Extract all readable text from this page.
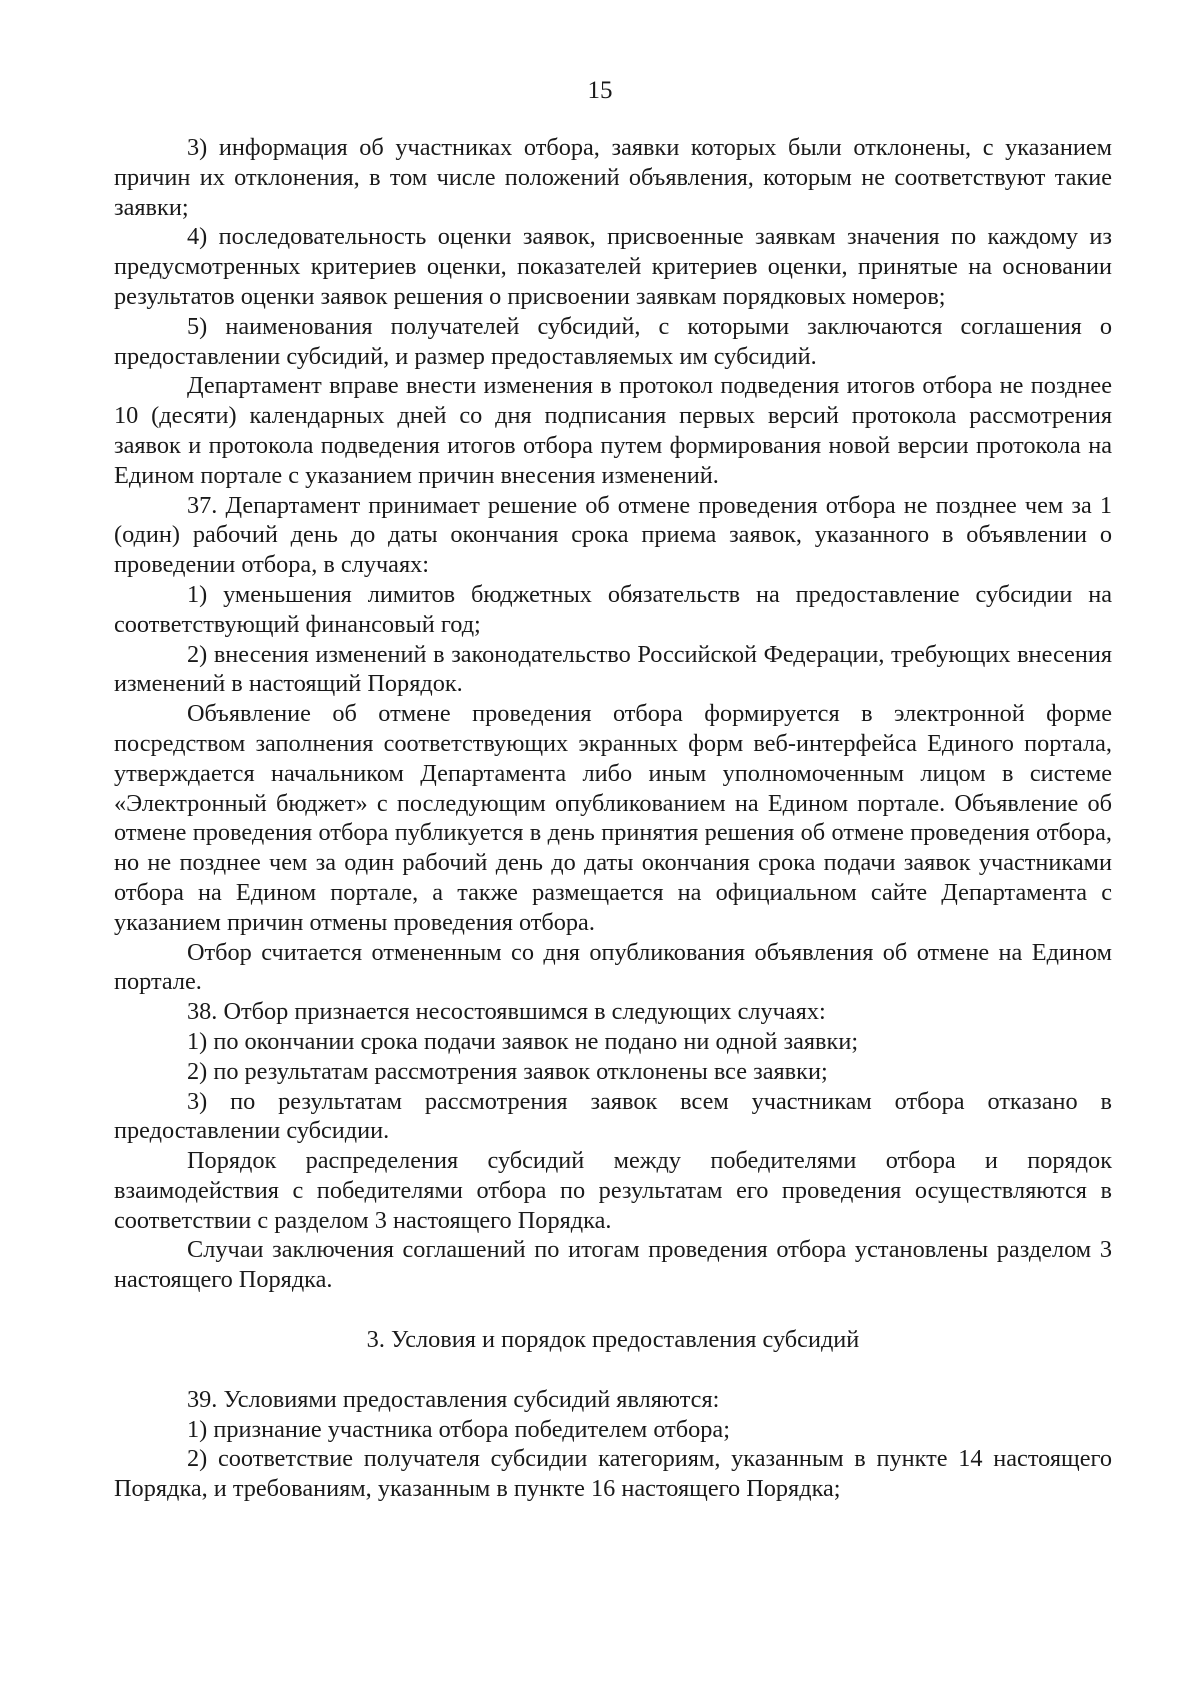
15

3) информация об участниках отбора, заявки которых были отклонены, с указанием причин их отклонения, в том числе положений объявления, которым не соответствуют такие заявки;

4) последовательность оценки заявок, присвоенные заявкам значения по каждому из предусмотренных критериев оценки, показателей критериев оценки, принятые на основании результатов оценки заявок решения о присвоении заявкам порядковых номеров;

5) наименования получателей субсидий, с которыми заключаются соглашения о предоставлении субсидий, и размер предоставляемых им субсидий.

Департамент вправе внести изменения в протокол подведения итогов отбора не позднее 10 (десяти) календарных дней со дня подписания первых версий протокола рассмотрения заявок и протокола подведения итогов отбора путем формирования новой версии протокола на Едином портале с указанием причин внесения изменений.

37. Департамент принимает решение об отмене проведения отбора не позднее чем за 1 (один) рабочий день до даты окончания срока приема заявок, указанного в объявлении о проведении отбора, в случаях:

1) уменьшения лимитов бюджетных обязательств на предоставление субсидии на соответствующий финансовый год;

2) внесения изменений в законодательство Российской Федерации, требующих внесения изменений в настоящий Порядок.

Объявление об отмене проведения отбора формируется в электронной форме посредством заполнения соответствующих экранных форм веб-интерфейса Единого портала, утверждается начальником Департамента либо иным уполномоченным лицом в системе «Электронный бюджет» с последующим опубликованием на Едином портале. Объявление об отмене проведения отбора публикуется в день принятия решения об отмене проведения отбора, но не позднее чем за один рабочий день до даты окончания срока подачи заявок участниками отбора на Едином портале, а также размещается на официальном сайте Департамента с указанием причин отмены проведения отбора.

Отбор считается отмененным со дня опубликования объявления об отмене на Едином портале.

38. Отбор признается несостоявшимся в следующих случаях:

1) по окончании срока подачи заявок не подано ни одной заявки;

2) по результатам рассмотрения заявок отклонены все заявки;

3) по результатам рассмотрения заявок всем участникам отбора отказано в предоставлении субсидии.

Порядок распределения субсидий между победителями отбора и порядок взаимодействия с победителями отбора по результатам его проведения осуществляются в соответствии с разделом 3 настоящего Порядка.

Случаи заключения соглашений по итогам проведения отбора установлены разделом 3 настоящего Порядка.

3. Условия и порядок предоставления субсидий

39. Условиями предоставления субсидий являются:

1) признание участника отбора победителем отбора;

2) соответствие получателя субсидии категориям, указанным в пункте 14 настоящего Порядка, и требованиям, указанным в пункте 16 настоящего Порядка;
